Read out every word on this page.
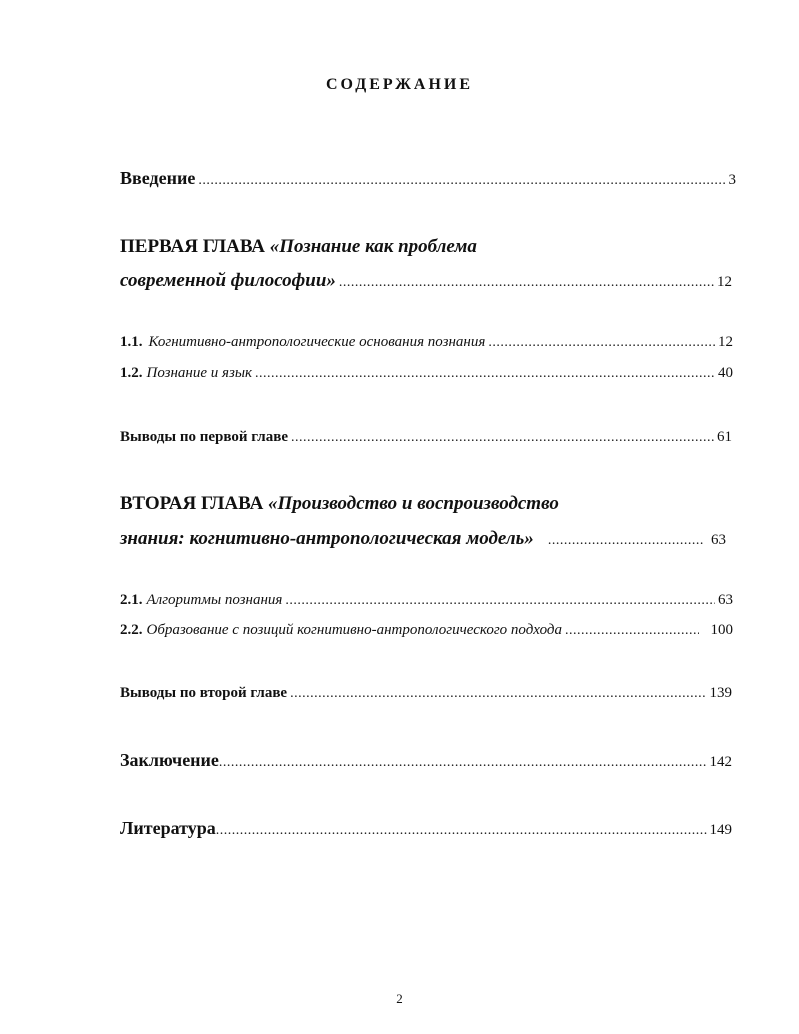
СОДЕРЖАНИЕ
Введение .....	3
ПЕРВАЯ ГЛАВА «Познание как проблема
современной философии» .....	12
1.1. Когнитивно-антропологические основания познания .....	12
1.2. Познание и язык .....	40
Выводы по первой главе .....	61
ВТОРАЯ ГЛАВА «Производство и воспроизводство
знания: когнитивно-антропологическая модель» .....	63
2.1. Алгоритмы познания .....	63
2.2. Образование с позиций когнитивно-антропологического подхода .....	100
Выводы по второй главе .....	139
Заключение .....	142
Литература .....	149
2
